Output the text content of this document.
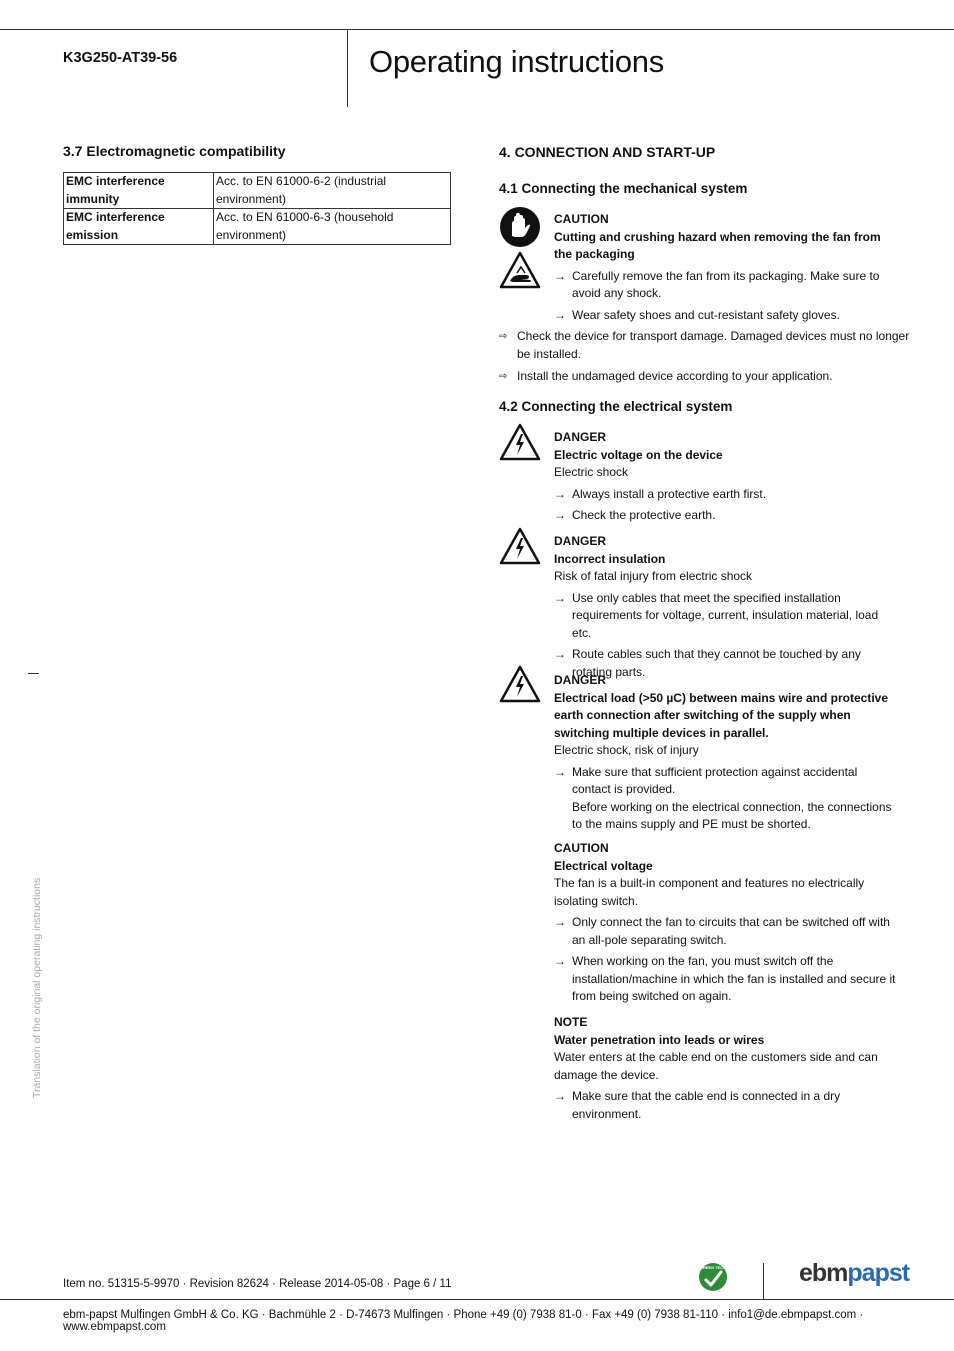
K3G250-AT39-56	Operating instructions
3.7 Electromagnetic compatibility
EMC interference immunity	Acc. to EN 61000-6-2 (industrial environment)
EMC interference emission	Acc. to EN 61000-6-3 (household environment)
Translation of the original operating instructions
4. CONNECTION AND START-UP
4.1 Connecting the mechanical system

CAUTION

Cutting and crushing hazard when removing the fan from the packaging

→ Carefully remove the fan from its packaging. Make sure to avoid any shock.
→ Wear safety shoes and cut-resistant safety gloves.
⇨ Check the device for transport damage. Damaged devices must no longer be installed.
⇨ Install the undamaged device according to your application.
4.2 Connecting the electrical system

DANGER

Electric voltage on the device

Electric shock

→ Always install a protective earth first.
→ Check the protective earth.

DANGER

Incorrect insulation

Risk of fatal injury from electric shock

→ Use only cables that meet the specified installation requirements for voltage, current, insulation material, load etc.
→ Route cables such that they cannot be touched by any rotating parts.

DANGER

Electrical load (>50 µC) between mains wire and protective earth connection after switching of the supply when switching multiple devices in parallel.

Electric shock, risk of injury

→ Make sure that sufficient protection against accidental contact is provided.
Before working on the electrical connection, the connections to the mains supply and PE must be shorted.

CAUTION

Electrical voltage

The fan is a built-in component and features no electrically isolating switch.

→ Only connect the fan to circuits that can be switched off with an all-pole separating switch.
→ When working on the fan, you must switch off the installation/machine in which the fan is installed and secure it from being switched on again.

NOTE

Water penetration into leads or wires

Water enters at the cable end on the customers side and can damage the device.

→ Make sure that the cable end is connected in a dry environment.
Item no. 51315-5-9970 · Revision 82624 · Release 2014-05-08 · Page 6 / 11
GREEN TECH	ebmpapst
ebm-papst Mulfingen GmbH & Co. KG · Bachmühle 2 · D-74673 Mulfingen · Phone +49 (0) 7938 81-0 · Fax +49 (0) 7938 81-110 · info1@de.ebmpapst.com · www.ebmpapst.com
